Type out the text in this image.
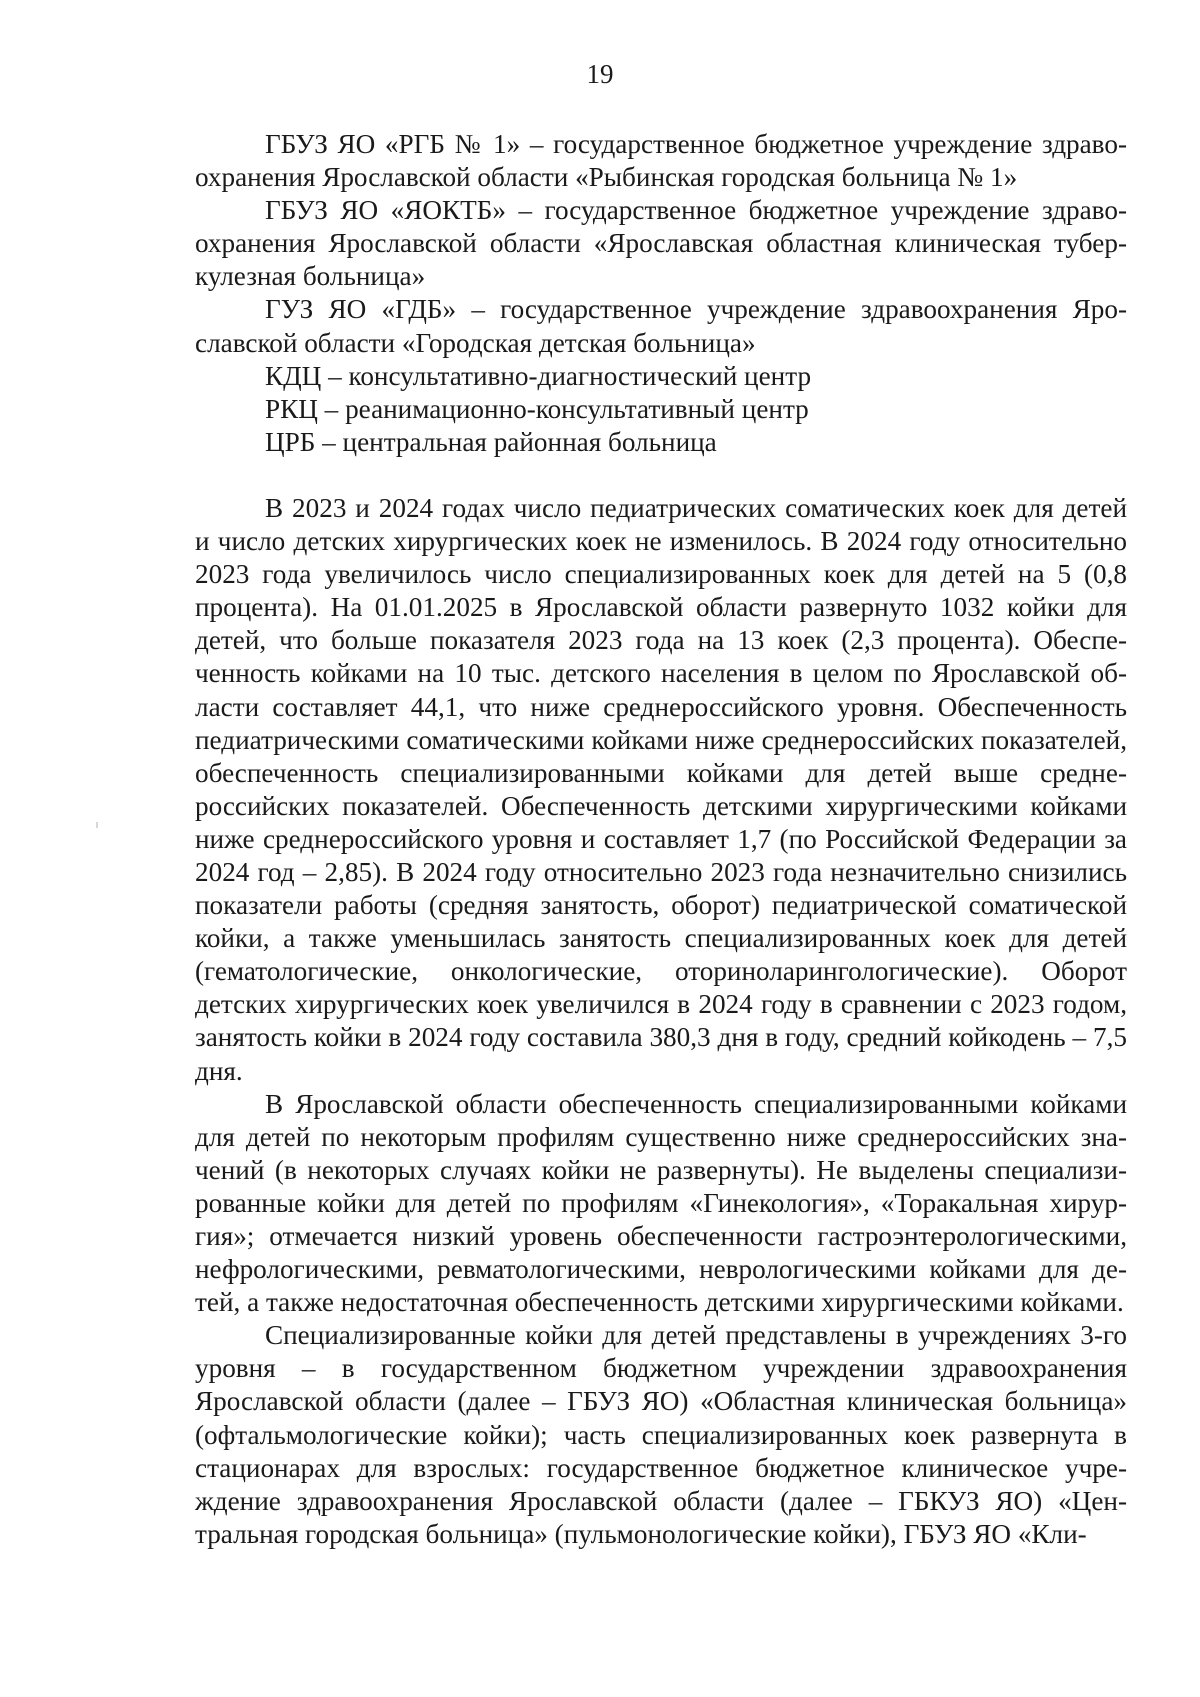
19

ГБУЗ ЯО «РГБ № 1» – государственное бюджетное учреждение здравоохранения Ярославской области «Рыбинская городская больница № 1»

ГБУЗ ЯО «ЯОКТБ» – государственное бюджетное учреждение здравоохранения Ярославской области «Ярославская областная клиническая туберкулезная больница»

ГУЗ ЯО «ГДБ» – государственное учреждение здравоохранения Ярославской области «Городская детская больница»

КДЦ – консультативно-диагностический центр

РКЦ – реанимационно-консультативный центр

ЦРБ – центральная районная больница

В 2023 и 2024 годах число педиатрических соматических коек для детей и число детских хирургических коек не изменилось. В 2024 году относительно 2023 года увеличилось число специализированных коек для детей на 5 (0,8 процента). На 01.01.2025 в Ярославской области развернуто 1032 койки для детей, что больше показателя 2023 года на 13 коек (2,3 процента). Обеспеченность койками на 10 тыс. детского населения в целом по Ярославской области составляет 44,1, что ниже среднероссийского уровня. Обеспеченность педиатрическими соматическими койками ниже среднероссийских показателей, обеспеченность специализированными койками для детей выше среднероссийских показателей. Обеспеченность детскими хирургическими койками ниже среднероссийского уровня и составляет 1,7 (по Российской Федерации за 2024 год – 2,85). В 2024 году относительно 2023 года незначительно снизились показатели работы (средняя занятость, оборот) педиатрической соматической койки, а также уменьшилась занятость специализированных коек для детей (гематологические, онкологические, оториноларингологические). Оборот детских хирургических коек увеличился в 2024 году в сравнении с 2023 годом, занятость койки в 2024 году составила 380,3 дня в году, средний койкодень – 7,5 дня.

В Ярославской области обеспеченность специализированными койками для детей по некоторым профилям существенно ниже среднероссийских значений (в некоторых случаях койки не развернуты). Не выделены специализированные койки для детей по профилям «Гинекология», «Торакальная хирургия»; отмечается низкий уровень обеспеченности гастроэнтерологическими, нефрологическими, ревматологическими, неврологическими койками для детей, а также недостаточная обеспеченность детскими хирургическими койками.

Специализированные койки для детей представлены в учреждениях 3-го уровня – в государственном бюджетном учреждении здравоохранения Ярославской области (далее – ГБУЗ ЯО) «Областная клиническая больница» (офтальмологические койки); часть специализированных коек развернута в стационарах для взрослых: государственное бюджетное клиническое учреждение здравоохранения Ярославской области (далее – ГБКУЗ ЯО) «Центральная городская больница» (пульмонологические койки), ГБУЗ ЯО «Кли-
